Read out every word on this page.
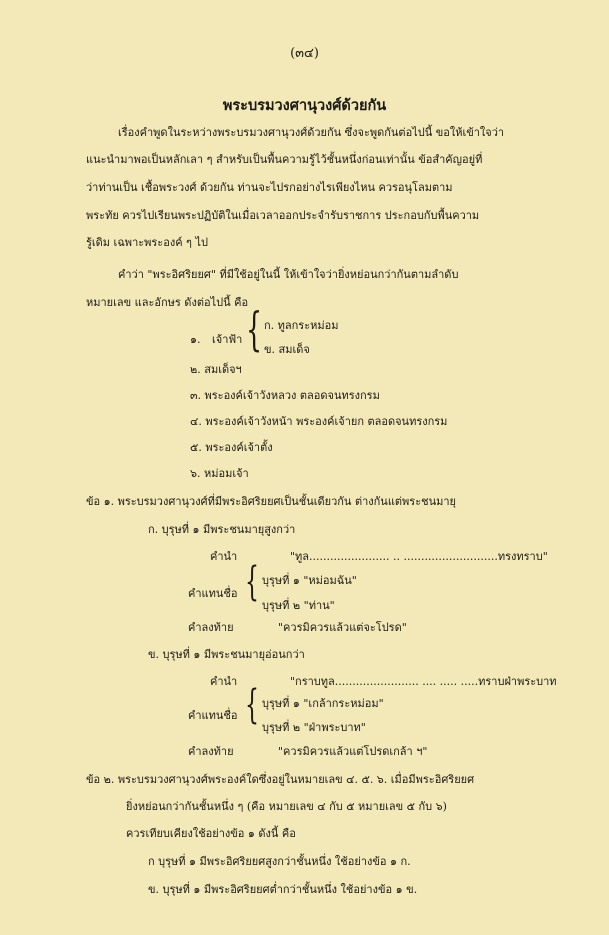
(๓๔)
พระบรมวงศานุวงศ์ด้วยกัน
เรื่องคำพูดในระหว่างพระบรมวงศานุวงศ์ด้วยกัน ซึ่งจะพูดกันต่อไปนี้ ขอให้เข้าใจว่า
แนะนำมาพอเป็นหลักเลา ๆ สำหรับเป็นพื้นความรู้ไว้ชั้นหนึ่งก่อนเท่านั้น ข้อสำคัญอยู่ที่
ว่าท่านเป็น เชื้อพระวงศ์ ด้วยกัน ท่านจะไปรกอย่างไรเพียงไหน ควรอนุโลมตาม
พระทัย ควรไปเรียนพระปฏิบัติในเมื่อเวลาออกประจำรับราชการ ประกอบกับพื้นความ
รู้เดิม เฉพาะพระองค์ ๆ ไป
คำว่า "พระอิศริยยศ" ที่มีใช้อยู่ในนี้ ให้เข้าใจว่ายิ่งหย่อนกว่ากันตามลำดับ
หมายเลข และอักษร ดังต่อไปนี้ คือ
๑. เจ้าฟ้า { ก. ทูลกระหม่อม
ข. สมเด็จ
๒. สมเด็จฯ
๓. พระองค์เจ้าวังหลวง ตลอดจนทรงกรม
๔. พระองค์เจ้าวังหน้า พระองค์เจ้ายก ตลอดจนทรงกรม
๕. พระองค์เจ้าตั้ง
๖. หม่อมเจ้า
ข้อ ๑. พระบรมวงศานุวงศ์ที่มีพระอิศริยยศเป็นชั้นเดียวกัน ต่างกันแต่พระชนมายุ
ก. บุรุษที่ ๑ มีพระชนมายุสูงกว่า
คำนำ	"ทูล....................... .. ...........................ทรงทราบ"
คำแทนชื่อ { บุรุษที่ ๑ "หม่อมฉัน"
บุรุษที่ ๒ "ท่าน"
คำลงท้าย	"ควรมิควรแล้วแต่จะโปรด"
ข. บุรุษที่ ๑ มีพระชนมายุอ่อนกว่า
คำนำ	"กราบทูล........................ .... ..... .....ทราบฝ่าพระบาท
คำแทนชื่อ { บุรุษที่ ๑ "เกล้ากระหม่อม"
บุรุษที่ ๒ "ฝ่าพระบาท"
คำลงท้าย	"ควรมิควรแล้วแต่โปรดเกล้า ฯ"
ข้อ ๒. พระบรมวงศานุวงศ์พระองค์ใดซึ่งอยู่ในหมายเลข ๔. ๕. ๖. เมื่อมีพระอิศริยยศ
ยิ่งหย่อนกว่ากันชั้นหนึ่ง ๆ (คือ หมายเลข ๔ กับ ๕ หมายเลข ๕ กับ ๖)
ควรเทียบเคียงใช้อย่างข้อ ๑ ดังนี้ คือ
ก บุรุษที่ ๑ มีพระอิศริยยศสูงกว่าชั้นหนึ่ง ใช้อย่างข้อ ๑ ก.
ข. บุรุษที่ ๑ มีพระอิศริยยศต่ำกว่าชั้นหนึ่ง ใช้อย่างข้อ ๑ ข.
